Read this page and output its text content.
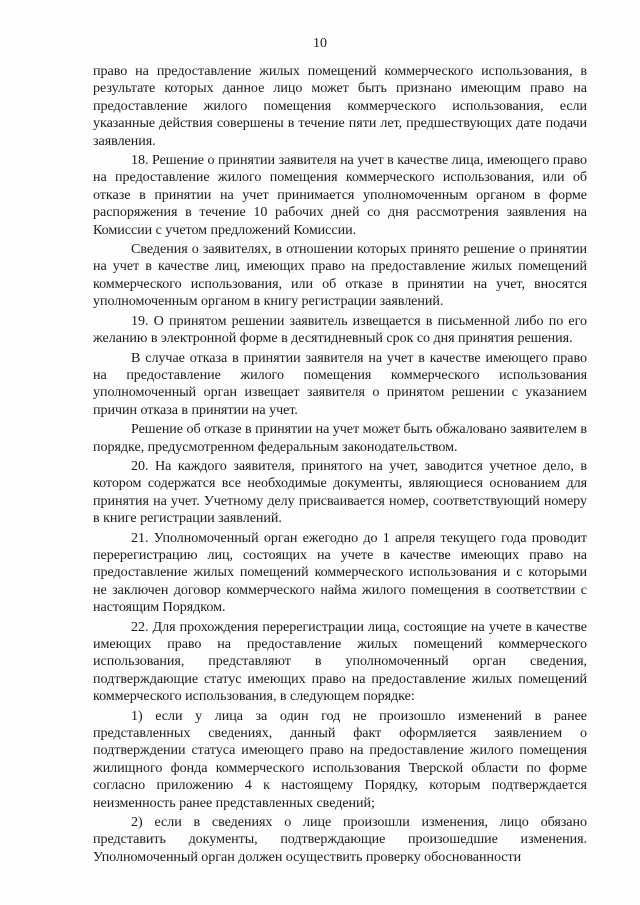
10

право на предоставление жилых помещений коммерческого использования, в результате которых данное лицо может быть признано имеющим право на предоставление жилого помещения коммерческого использования, если указанные действия совершены в течение пяти лет, предшествующих дате подачи заявления.

18. Решение о принятии заявителя на учет в качестве лица, имеющего право на предоставление жилого помещения коммерческого использования, или об отказе в принятии на учет принимается уполномоченным органом в форме распоряжения в течение 10 рабочих дней со дня рассмотрения заявления на Комиссии с учетом предложений Комиссии.

Сведения о заявителях, в отношении которых принято решение о принятии на учет в качестве лиц, имеющих право на предоставление жилых помещений коммерческого использования, или об отказе в принятии на учет, вносятся уполномоченным органом в книгу регистрации заявлений.

19. О принятом решении заявитель извещается в письменной либо по его желанию в электронной форме в десятидневный срок со дня принятия решения.

В случае отказа в принятии заявителя на учет в качестве имеющего право на предоставление жилого помещения коммерческого использования уполномоченный орган извещает заявителя о принятом решении с указанием причин отказа в принятии на учет.

Решение об отказе в принятии на учет может быть обжаловано заявителем в порядке, предусмотренном федеральным законодательством.

20. На каждого заявителя, принятого на учет, заводится учетное дело, в котором содержатся все необходимые документы, являющиеся основанием для принятия на учет. Учетному делу присваивается номер, соответствующий номеру в книге регистрации заявлений.

21. Уполномоченный орган ежегодно до 1 апреля текущего года проводит перерегистрацию лиц, состоящих на учете в качестве имеющих право на предоставление жилых помещений коммерческого использования и с которыми не заключен договор коммерческого найма жилого помещения в соответствии с настоящим Порядком.

22. Для прохождения перерегистрации лица, состоящие на учете в качестве имеющих право на предоставление жилых помещений коммерческого использования, представляют в уполномоченный орган сведения, подтверждающие статус имеющих право на предоставление жилых помещений коммерческого использования, в следующем порядке:

1) если у лица за один год не произошло изменений в ранее представленных сведениях, данный факт оформляется заявлением о подтверждении статуса имеющего право на предоставление жилого помещения жилищного фонда коммерческого использования Тверской области по форме согласно приложению 4 к настоящему Порядку, которым подтверждается неизменность ранее представленных сведений;

2) если в сведениях о лице произошли изменения, лицо обязано представить документы, подтверждающие произошедшие изменения. Уполномоченный орган должен осуществить проверку обоснованности
